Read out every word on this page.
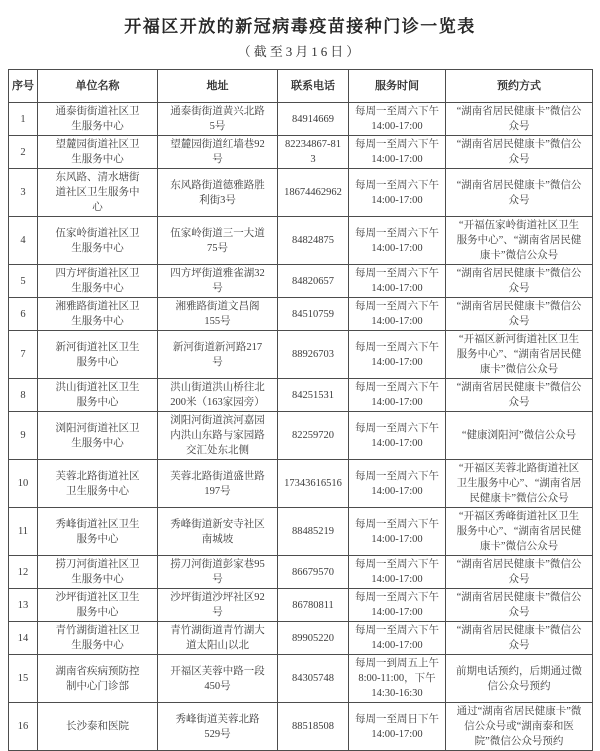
开福区开放的新冠病毒疫苗接种门诊一览表
（截至3月16日）
序号	单位名称	地址	联系电话	服务时间	预约方式
1	通泰街街道社区卫生服务中心	通泰街街道黄兴北路5号	84914669	每周一至周六下午14:00-17:00	“湖南省居民健康卡”微信公众号
2	望麓园街道社区卫生服务中心	望麓园街道红墙巷92号	82234867-813	每周一至周六下午14:00-17:00	“湖南省居民健康卡”微信公众号
3	东风路、清水塘街道社区卫生服务中心	东风路街道德雅路胜利街3号	18674462962	每周一至周六下午14:00-17:00	“湖南省居民健康卡”微信公众号
4	伍家岭街道社区卫生服务中心	伍家岭街道三一大道75号	84824875	每周一至周六下午14:00-17:00	“开福伍家岭街道社区卫生服务中心”、“湖南省居民健康卡”微信公众号
5	四方坪街道社区卫生服务中心	四方坪街道雅雀湖32号	84820657	每周一至周六下午14:00-17:00	“湖南省居民健康卡”微信公众号
6	湘雅路街道社区卫生服务中心	湘雅路街道文昌阁155号	84510759	每周一至周六下午14:00-17:00	“湖南省居民健康卡”微信公众号
7	新河街道社区卫生服务中心	新河街道新河路217号	88926703	每周一至周六下午14:00-17:00	“开福区新河街道社区卫生服务中心”、“湖南省居民健康卡”微信公众号
8	洪山街道社区卫生服务中心	洪山街道洪山桥往北200米（163家园旁）	84251531	每周一至周六下午14:00-17:00	“湖南省居民健康卡”微信公众号
9	浏阳河街道社区卫生服务中心	浏阳河街道滨河嘉园内洪山东路与家园路交汇处东北侧	82259720	每周一至周六下午14:00-17:00	“健康浏阳河”微信公众号
10	芙蓉北路街道社区卫生服务中心	芙蓉北路街道盛世路197号	17343616516	每周一至周六下午14:00-17:00	“开福区芙蓉北路街道社区卫生服务中心”、“湖南省居民健康卡”微信公众号
11	秀峰街道社区卫生服务中心	秀峰街道新安寺社区南城坡	88485219	每周一至周六下午14:00-17:00	“开福区秀峰街道社区卫生服务中心”、“湖南省居民健康卡”微信公众号
12	捞刀河街道社区卫生服务中心	捞刀河街道彭家巷95号	86679570	每周一至周六下午14:00-17:00	“湖南省居民健康卡”微信公众号
13	沙坪街道社区卫生服务中心	沙坪街道沙坪社区92号	86780811	每周一至周六下午14:00-17:00	“湖南省居民健康卡”微信公众号
14	青竹湖街道社区卫生服务中心	青竹湖街道青竹湖大道太阳山以北	89905220	每周一至周六下午14:00-17:00	“湖南省居民健康卡”微信公众号
15	湖南省疾病预防控制中心门诊部	开福区芙蓉中路一段450号	84305748	每周一到周五上午8:00-11:00，下午14:30-16:30	前期电话预约，后期通过微信公众号预约
16	长沙泰和医院	秀峰街道芙蓉北路529号	88518508	每周一至周日下午14:00-17:00	通过“湖南省居民健康卡”微信公众号或“湖南泰和医院”微信公众号预约
